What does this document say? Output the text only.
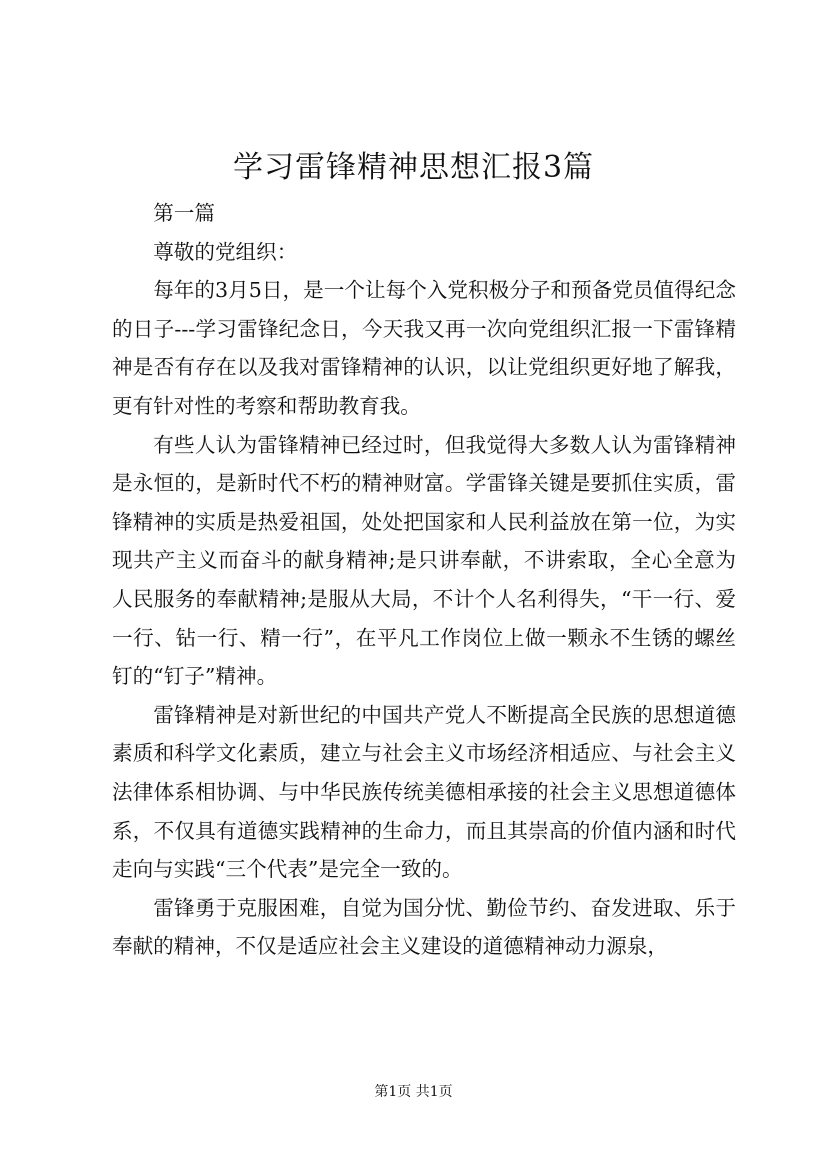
学习雷锋精神思想汇报3篇

第一篇

尊敬的党组织：

每年的3月5日，是一个让每个入党积极分子和预备党员值得纪念的日子---学习雷锋纪念日，今天我又再一次向党组织汇报一下雷锋精神是否有存在以及我对雷锋精神的认识，以让党组织更好地了解我，更有针对性的考察和帮助教育我。

有些人认为雷锋精神已经过时，但我觉得大多数人认为雷锋精神是永恒的，是新时代不朽的精神财富。学雷锋关键是要抓住实质，雷锋精神的实质是热爱祖国，处处把国家和人民利益放在第一位，为实现共产主义而奋斗的献身精神;是只讲奉献，不讲索取，全心全意为人民服务的奉献精神;是服从大局，不计个人名利得失，“干一行、爱一行、钻一行、精一行”，在平凡工作岗位上做一颗永不生锈的螺丝钉的“钉子”精神。

雷锋精神是对新世纪的中国共产党人不断提高全民族的思想道德素质和科学文化素质，建立与社会主义市场经济相适应、与社会主义法律体系相协调、与中华民族传统美德相承接的社会主义思想道德体系，不仅具有道德实践精神的生命力，而且其崇高的价值内涵和时代走向与实践“三个代表”是完全一致的。

雷锋勇于克服困难，自觉为国分忧、勤俭节约、奋发进取、乐于奉献的精神，不仅是适应社会主义建设的道德精神动力源泉，

第1页 共1页
